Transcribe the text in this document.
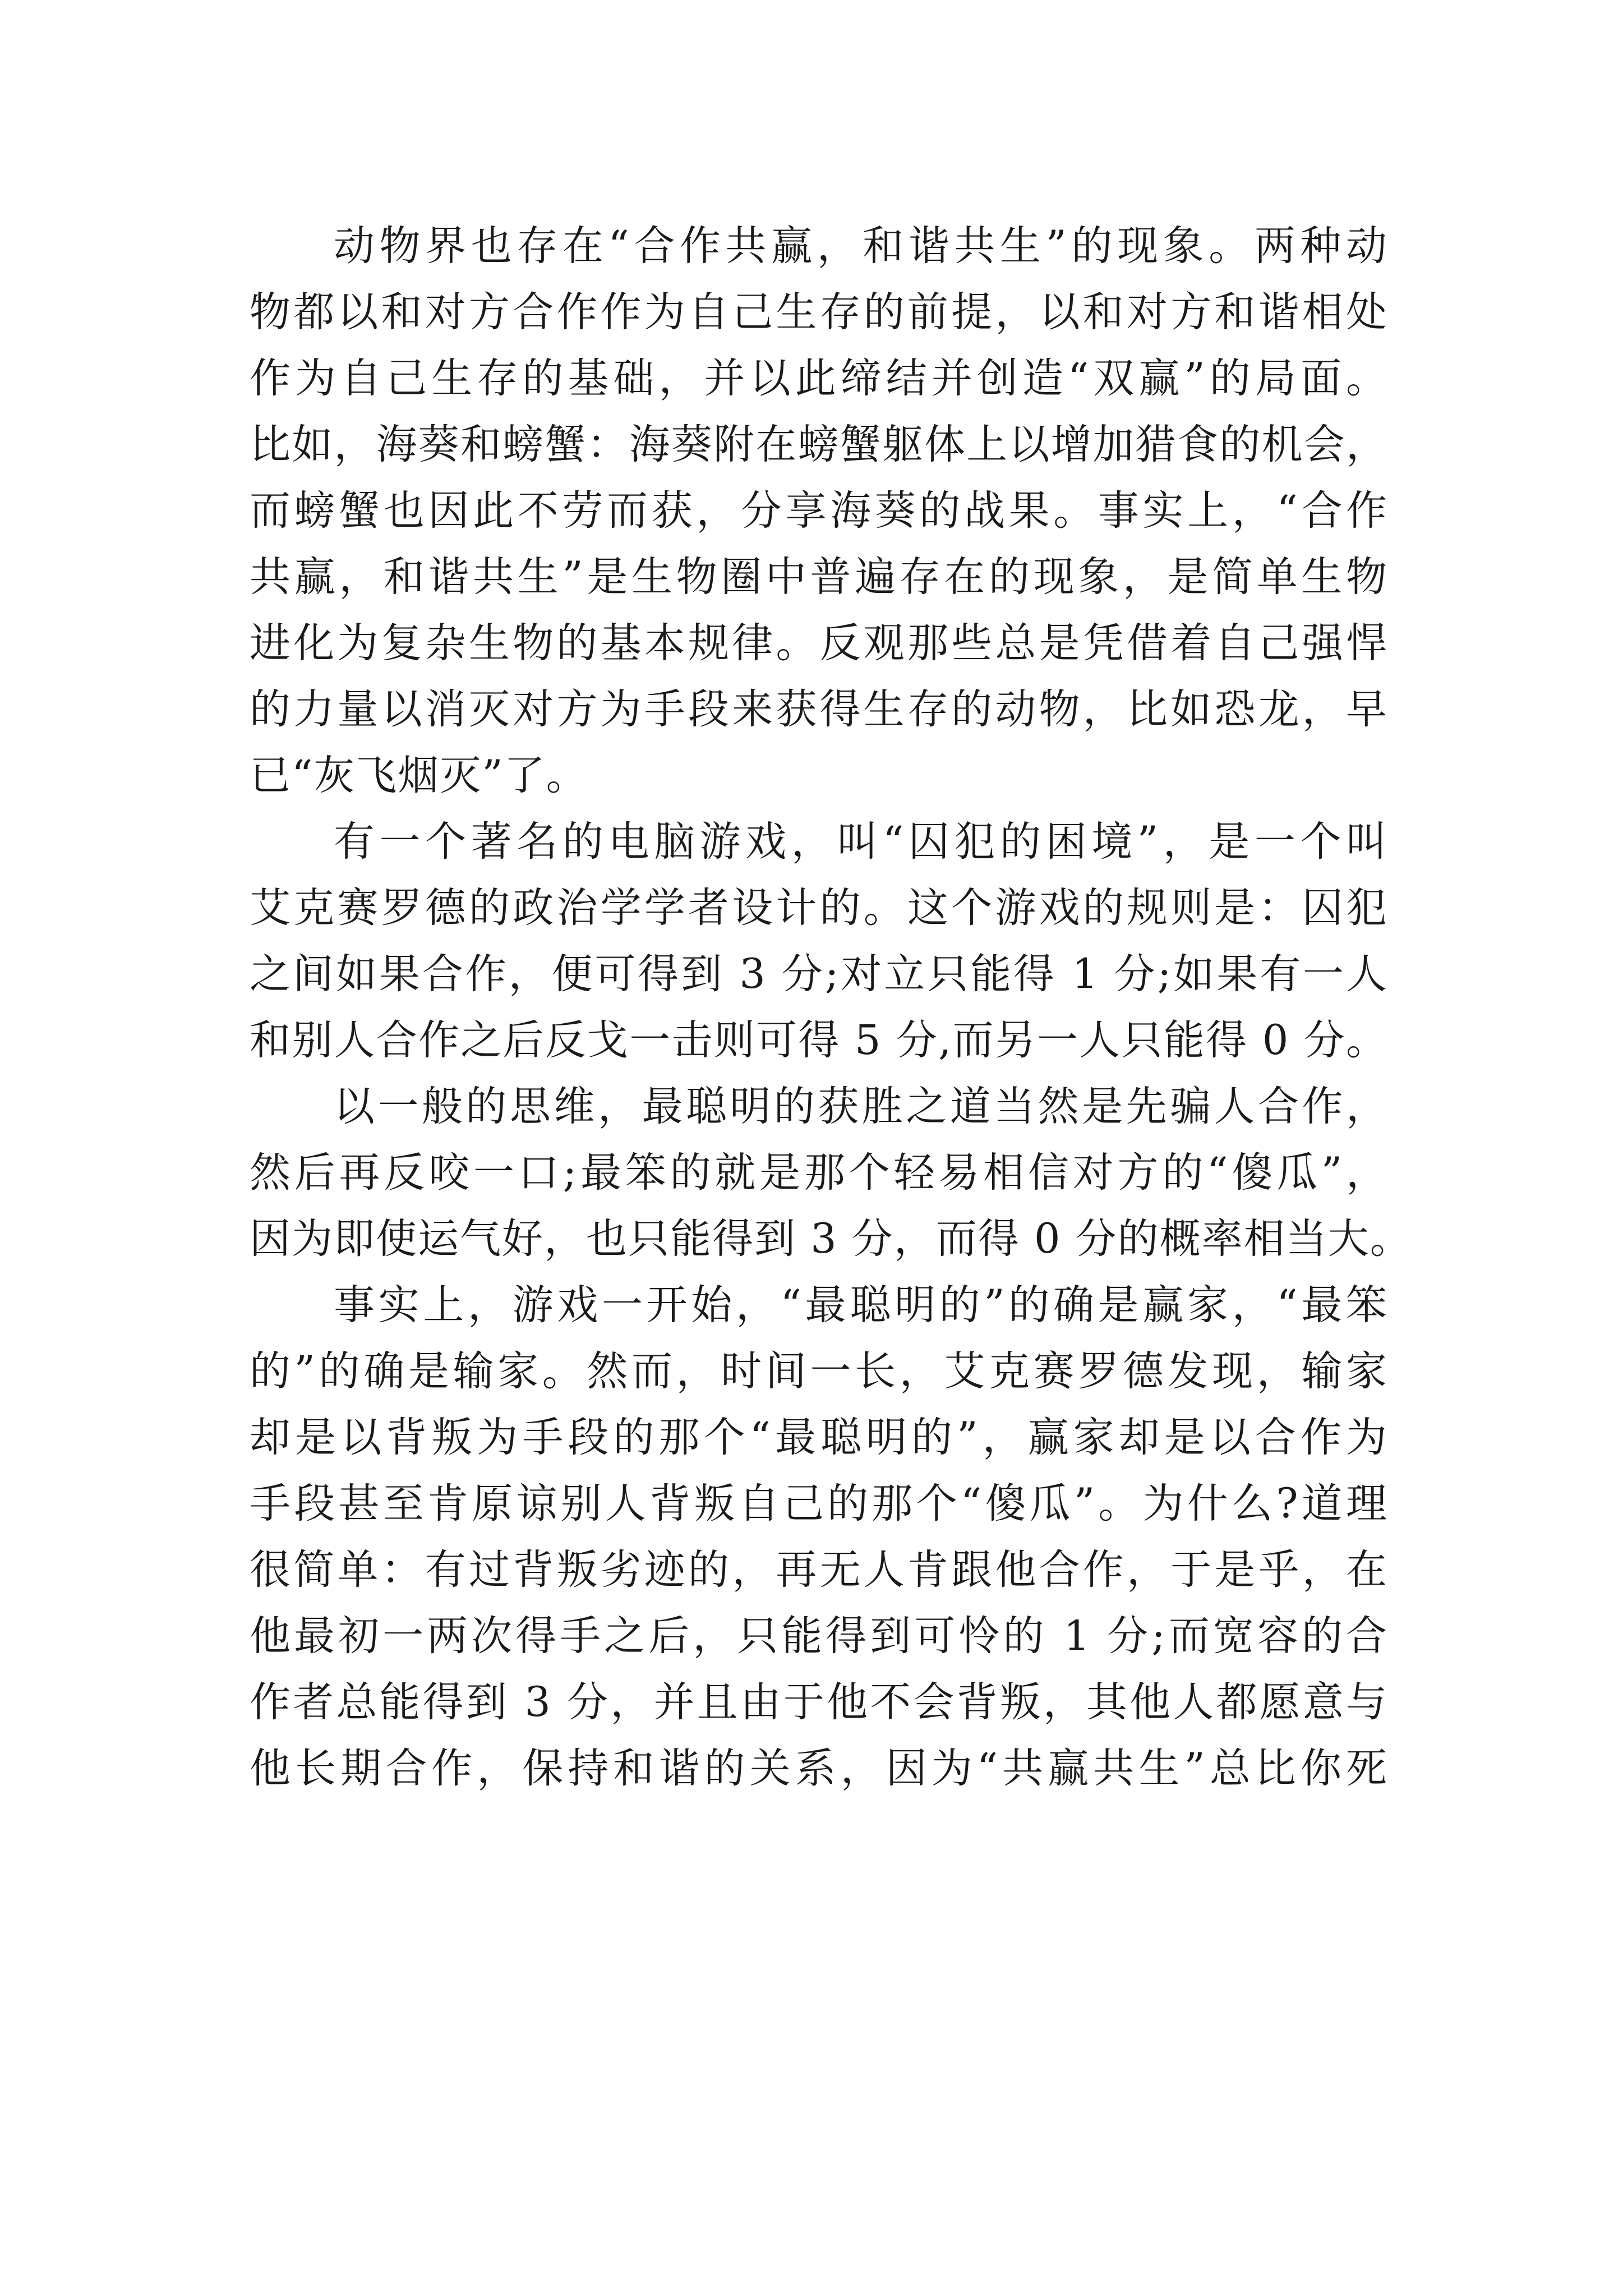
动物界也存在“合作共赢，和谐共生”的现象。两种动
物都以和对方合作作为自己生存的前提，以和对方和谐相处
作为自己生存的基础，并以此缔结并创造“双赢”的局面。
比如，海葵和螃蟹：海葵附在螃蟹躯体上以增加猎食的机会，
而螃蟹也因此不劳而获，分享海葵的战果。事实上，“合作
共赢，和谐共生”是生物圈中普遍存在的现象，是简单生物
进化为复杂生物的基本规律。反观那些总是凭借着自己强悍
的力量以消灭对方为手段来获得生存的动物，比如恐龙，早
已“灰飞烟灭”了。
有一个著名的电脑游戏，叫“囚犯的困境”，是一个叫
艾克赛罗德的政治学学者设计的。这个游戏的规则是：囚犯
之间如果合作，便可得到 3 分;对立只能得 1 分;如果有一人
和别人合作之后反戈一击则可得 5 分,而另一人只能得 0 分。
以一般的思维，最聪明的获胜之道当然是先骗人合作，
然后再反咬一口;最笨的就是那个轻易相信对方的“傻瓜”，
因为即使运气好，也只能得到 3 分，而得 0 分的概率相当大。
事实上，游戏一开始，“最聪明的”的确是赢家，“最笨
的”的确是输家。然而，时间一长，艾克赛罗德发现，输家
却是以背叛为手段的那个“最聪明的”，赢家却是以合作为
手段甚至肯原谅别人背叛自己的那个“傻瓜”。为什么?道理
很简单：有过背叛劣迹的，再无人肯跟他合作，于是乎，在
他最初一两次得手之后，只能得到可怜的 1 分;而宽容的合
作者总能得到 3 分，并且由于他不会背叛，其他人都愿意与
他长期合作，保持和谐的关系，因为“共赢共生”总比你死
